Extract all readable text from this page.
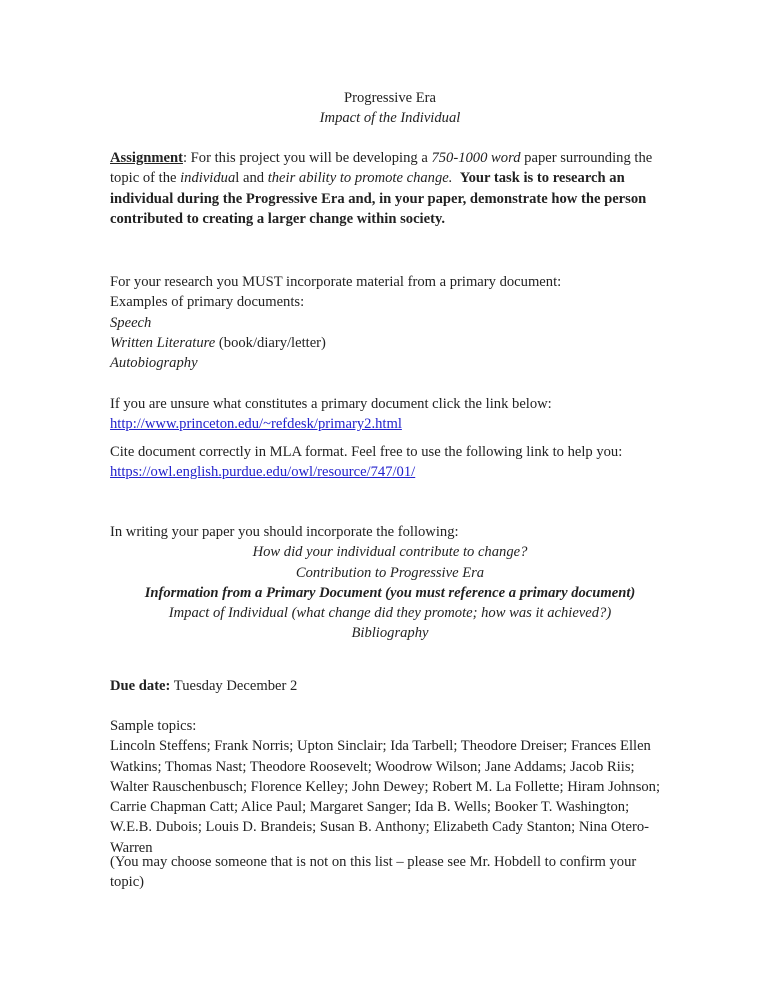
Progressive Era

Impact of the Individual

Assignment: For this project you will be developing a 750-1000 word paper surrounding the topic of the individual and their ability to promote change. Your task is to research an individual during the Progressive Era and, in your paper, demonstrate how the person contributed to creating a larger change within society.

For your research you MUST incorporate material from a primary document:

Examples of primary documents:

Speech

Written Literature (book/diary/letter)

Autobiography

If you are unsure what constitutes a primary document click the link below:

http://www.princeton.edu/~refdesk/primary2.html

Cite document correctly in MLA format. Feel free to use the following link to help you:

https://owl.english.purdue.edu/owl/resource/747/01/

In writing your paper you should incorporate the following:

How did your individual contribute to change?

Contribution to Progressive Era

Information from a Primary Document (you must reference a primary document)

Impact of Individual (what change did they promote; how was it achieved?)

Bibliography

Due date: Tuesday December 2

Sample topics:

Lincoln Steffens; Frank Norris; Upton Sinclair; Ida Tarbell; Theodore Dreiser; Frances Ellen Watkins; Thomas Nast; Theodore Roosevelt; Woodrow Wilson; Jane Addams; Jacob Riis; Walter Rauschenbusch; Florence Kelley; John Dewey; Robert M. La Follette; Hiram Johnson; Carrie Chapman Catt; Alice Paul; Margaret Sanger; Ida B. Wells; Booker T. Washington; W.E.B. Dubois; Louis D. Brandeis; Susan B. Anthony; Elizabeth Cady Stanton; Nina Otero-Warren

(You may choose someone that is not on this list – please see Mr. Hobdell to confirm your topic)
